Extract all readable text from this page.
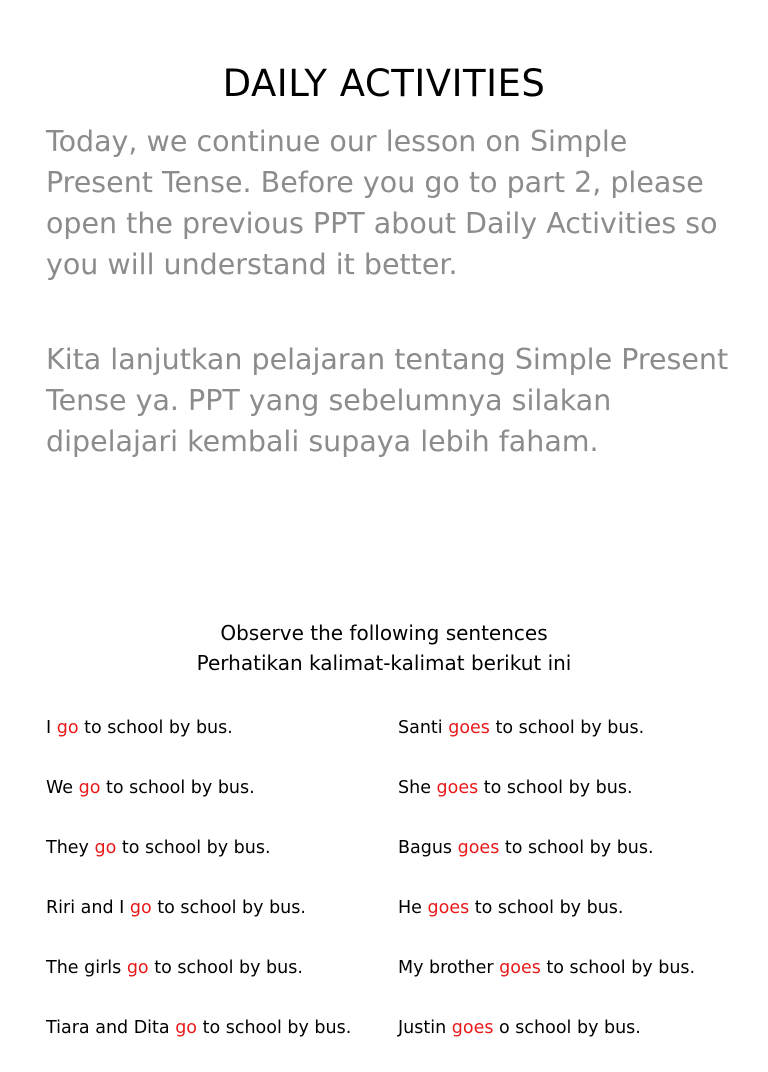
DAILY ACTIVITIES

Today, we continue our lesson on Simple Present Tense. Before you go to part 2, please open the previous PPT about Daily Activities so you will understand it better.

Kita lanjutkan pelajaran tentang Simple Present Tense ya. PPT yang sebelumnya silakan dipelajari kembali supaya lebih faham.

Observe the following sentences
Perhatikan kalimat-kalimat berikut ini
I go to school by bus.
We go to school by bus.
They go to school by bus.
Riri and I go to school by bus.
The girls go to school by bus.
Tiara and Dita go to school by bus.
Santi goes to school by bus.
She goes to school by bus.
Bagus goes to school by bus.
He goes to school by bus.
My brother goes to school by bus.
Justin goes o school by bus.
